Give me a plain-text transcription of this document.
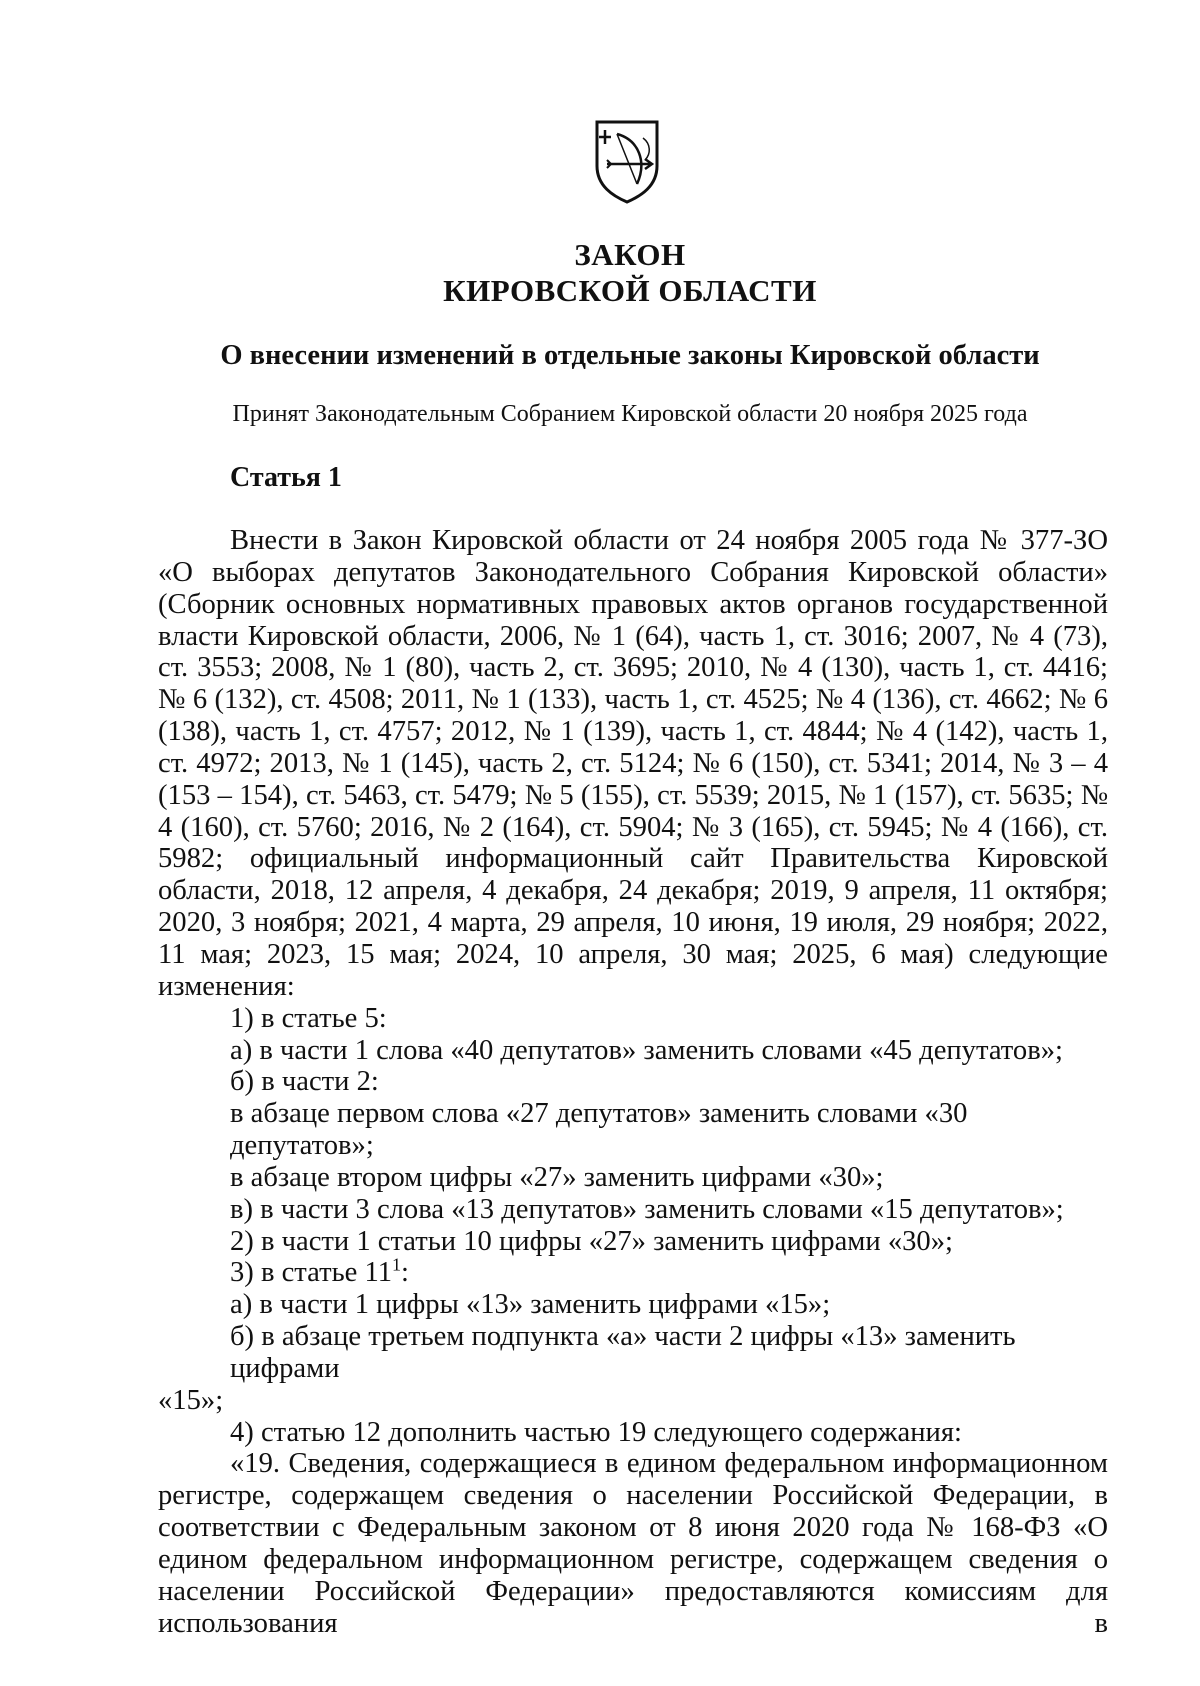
ЗАКОН
КИРОВСКОЙ ОБЛАСТИ
О внесении изменений в отдельные законы Кировской области
Принят Законодательным Собранием Кировской области 20 ноября 2025 года
Статья 1

Внести в Закон Кировской области от 24 ноября 2005 года № 377-ЗО «О выборах депутатов Законодательного Собрания Кировской области» (Сборник основных нормативных правовых актов органов государственной власти Кировской области, 2006, № 1 (64), часть 1, ст. 3016; 2007, № 4 (73), ст. 3553; 2008, № 1 (80), часть 2, ст. 3695; 2010, № 4 (130), часть 1, ст. 4416; № 6 (132), ст. 4508; 2011, № 1 (133), часть 1, ст. 4525; № 4 (136), ст. 4662; № 6 (138), часть 1, ст. 4757; 2012, № 1 (139), часть 1, ст. 4844; № 4 (142), часть 1, ст. 4972; 2013, № 1 (145), часть 2, ст. 5124; № 6 (150), ст. 5341; 2014, № 3 – 4 (153 – 154), ст. 5463, ст. 5479; № 5 (155), ст. 5539; 2015, № 1 (157), ст. 5635; № 4 (160), ст. 5760; 2016, № 2 (164), ст. 5904; № 3 (165), ст. 5945; № 4 (166), ст. 5982; официальный информационный сайт Правительства Кировской области, 2018, 12 апреля, 4 декабря, 24 декабря; 2019, 9 апреля, 11 октября; 2020, 3 ноября; 2021, 4 марта, 29 апреля, 10 июня, 19 июля, 29 ноября; 2022, 11 мая; 2023, 15 мая; 2024, 10 апреля, 30 мая; 2025, 6 мая) следующие изменения:

1) в статье 5:

а) в части 1 слова «40 депутатов» заменить словами «45 депутатов»;

б) в части 2:

в абзаце первом слова «27 депутатов» заменить словами «30 депутатов»;

в абзаце втором цифры «27» заменить цифрами «30»;

в) в части 3 слова «13 депутатов» заменить словами «15 депутатов»;

2) в части 1 статьи 10 цифры «27» заменить цифрами «30»;

3) в статье $11^1$:

а) в части 1 цифры «13» заменить цифрами «15»;

б) в абзаце третьем подпункта «а» части 2 цифры «13» заменить цифрами

«15»;

4) статью 12 дополнить частью 19 следующего содержания:

«19. Сведения, содержащиеся в едином федеральном информационном регистре, содержащем сведения о населении Российской Федерации, в соответствии с Федеральным законом от 8 июня 2020 года № 168-ФЗ «О едином федеральном информационном регистре, содержащем сведения о населении Российской Федерации» предоставляются комиссиям для использования в
